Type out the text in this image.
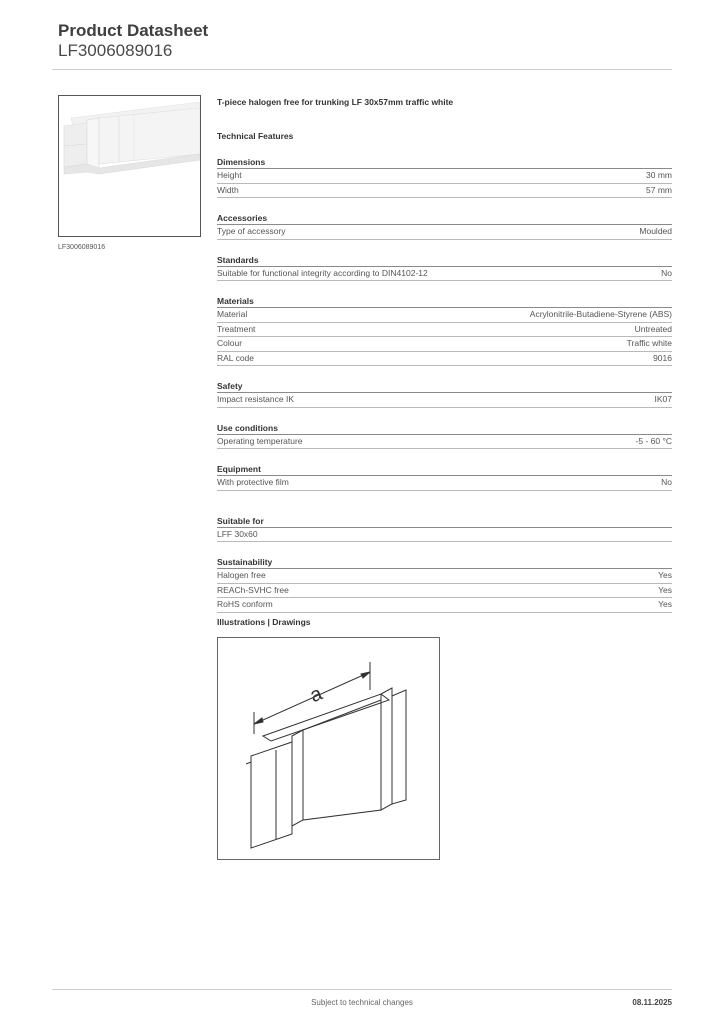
Product Datasheet
LF3006089016
LF3006089016
T-piece halogen free for trunking LF 30x57mm traffic white
Technical Features
Dimensions
Height	30 mm
Width	57 mm
Accessories
Type of accessory	Moulded
Standards
Suitable for functional integrity according to DIN4102-12	No
Materials
Material	Acrylonitrile-Butadiene-Styrene (ABS)
Treatment	Untreated
Colour	Traffic white
RAL code	9016
Safety
Impact resistance IK	IK07
Use conditions
Operating temperature	-5 - 60 °C
Equipment
With protective film	No
Suitable for
LFF 30x60
Sustainability
Halogen free	Yes
REACh-SVHC free	Yes
RoHS conform	Yes
Illustrations | Drawings
a
Subject to technical changes	08.11.2025
